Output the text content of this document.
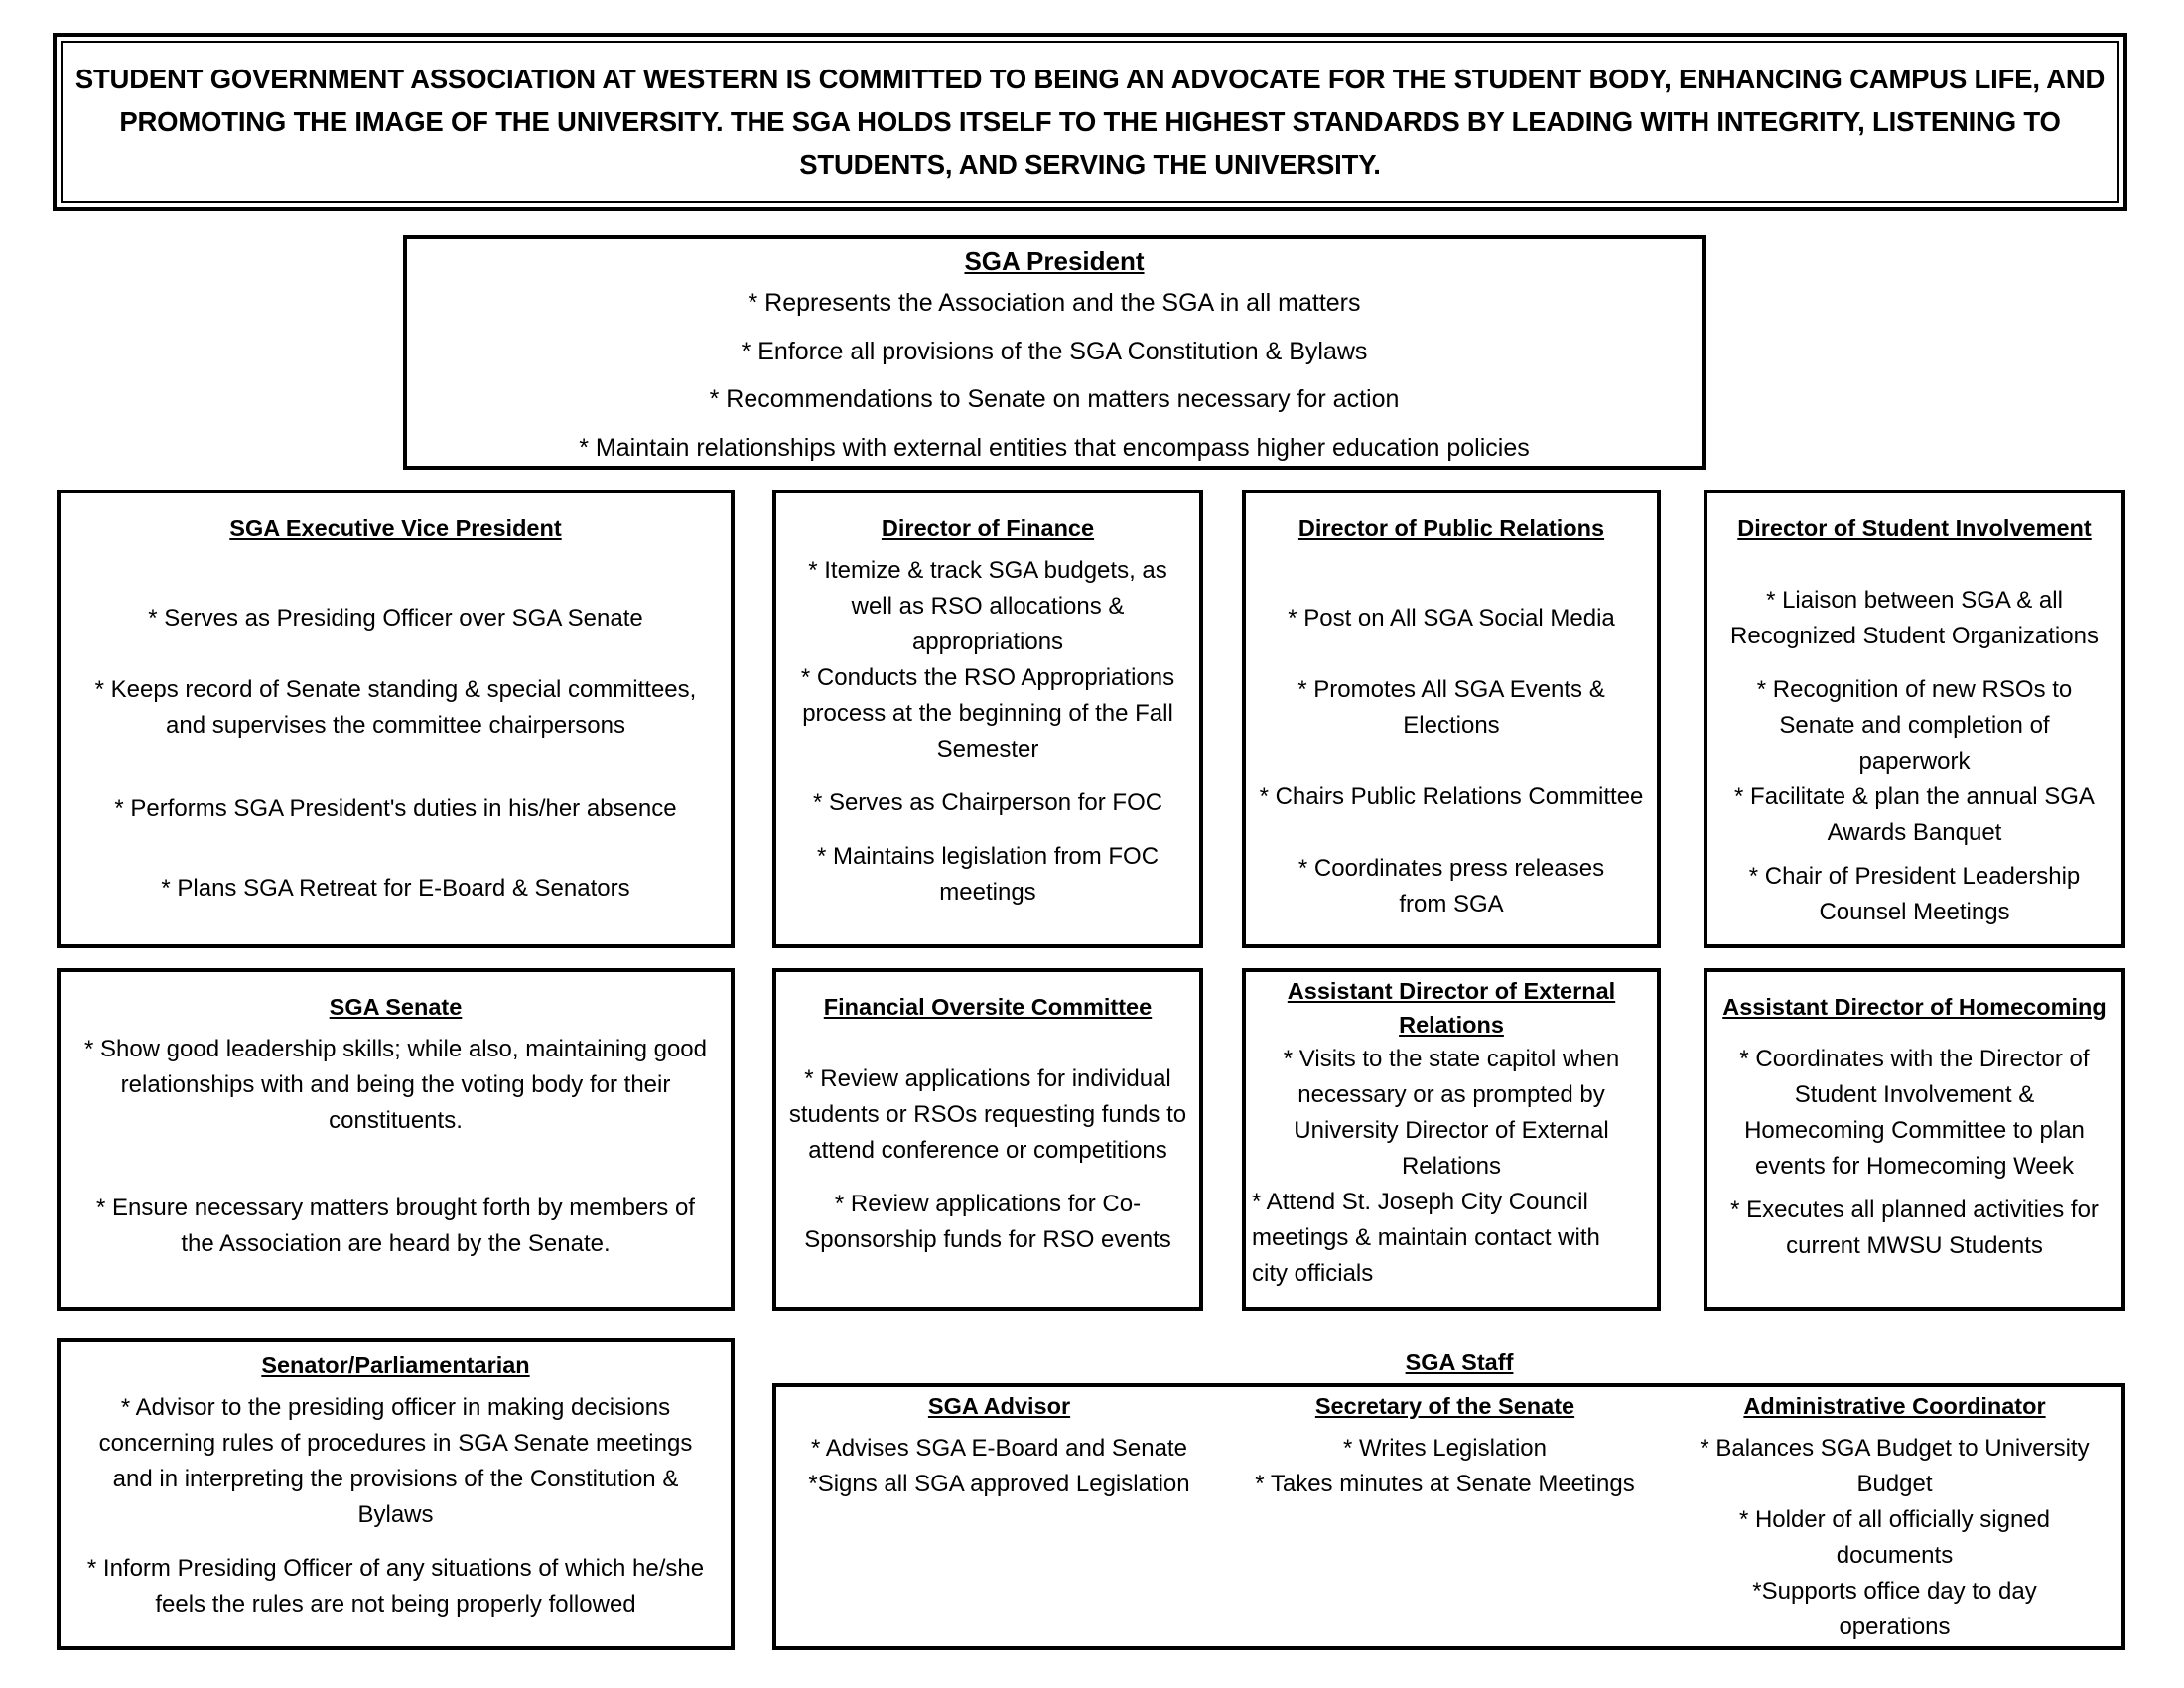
STUDENT GOVERNMENT ASSOCIATION AT WESTERN IS COMMITTED TO BEING AN ADVOCATE FOR THE STUDENT BODY, ENHANCING CAMPUS LIFE, AND PROMOTING THE IMAGE OF THE UNIVERSITY. THE SGA HOLDS ITSELF TO THE HIGHEST STANDARDS BY LEADING WITH INTEGRITY, LISTENING TO STUDENTS, AND SERVING THE UNIVERSITY.
SGA President
* Represents the Association and the SGA in all matters
* Enforce all provisions of the SGA Constitution & Bylaws
* Recommendations to Senate on matters necessary for action
* Maintain relationships with external entities that encompass higher education policies
SGA Executive Vice President
* Serves as Presiding Officer over SGA Senate
* Keeps record of Senate standing & special committees, and supervises the committee chairpersons
* Performs SGA President's duties in his/her absence
* Plans SGA Retreat for E-Board & Senators
Director of Finance
* Itemize & track SGA budgets, as well as RSO allocations & appropriations
* Conducts the RSO Appropriations process at the beginning of the Fall Semester
* Serves as Chairperson for FOC
* Maintains legislation from FOC meetings
Director of Public Relations
* Post on All SGA Social Media
* Promotes All SGA Events & Elections
* Chairs Public Relations Committee
* Coordinates press releases from SGA
Director of Student Involvement
* Liaison between SGA & all Recognized Student Organizations
* Recognition of new RSOs to Senate and completion of paperwork
* Facilitate & plan the annual SGA Awards Banquet
* Chair of President Leadership Counsel Meetings
SGA Senate
* Show good leadership skills; while also, maintaining good relationships with and being the voting body for their constituents.
* Ensure necessary matters brought forth by members of the Association are heard by the Senate.
Financial Oversite Committee
* Review applications for individual students or RSOs requesting funds to attend conference or competitions
* Review applications for Co-Sponsorship funds for RSO events
Assistant Director of External Relations
* Visits to the state capitol when necessary or as prompted by University Director of External Relations
* Attend St. Joseph City Council meetings & maintain contact with city officials
Assistant Director of Homecoming
* Coordinates with the Director of Student Involvement & Homecoming Committee to plan events for Homecoming Week
* Executes all planned activities for current MWSU Students
Senator/Parliamentarian
* Advisor to the presiding officer in making decisions concerning rules of procedures in SGA Senate meetings and in interpreting the provisions of the Constitution & Bylaws
* Inform Presiding Officer of any situations of which he/she feels the rules are not being properly followed
SGA Staff
SGA Advisor
* Advises SGA E-Board and Senate
*Signs all SGA approved Legislation
Secretary of the Senate
* Writes Legislation
* Takes minutes at Senate Meetings
Administrative Coordinator
* Balances SGA Budget to University Budget
* Holder of all officially signed documents
*Supports office day to day operations
